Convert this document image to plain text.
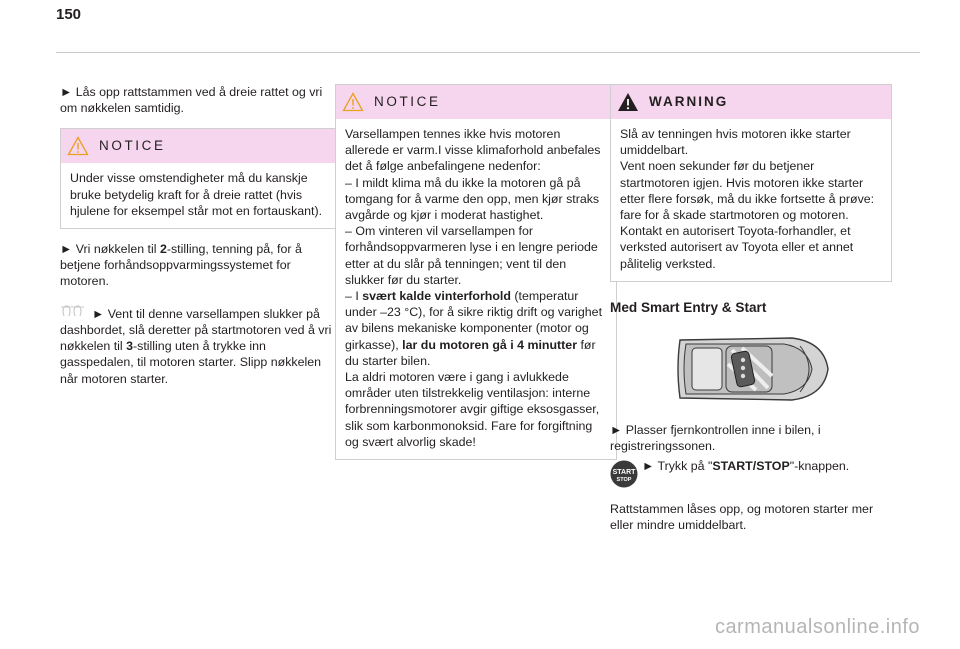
150

► Lås opp rattstammen ved å dreie rattet og vri om nøkkelen samtidig.

NOTICE

Under visse omstendigheter må du kanskje bruke betydelig kraft for å dreie rattet (hvis hjulene for eksempel står mot en fortauskant).

► Vri nøkkelen til 2-stilling, tenning på, for å betjene forhåndsoppvarmingssystemet for motoren.

► Vent til denne varsellampen slukker på dashbordet, slå deretter på startmotoren ved å vri nøkkelen til 3-stilling uten å trykke inn gasspedalen, til motoren starter. Slipp nøkkelen når motoren starter.

NOTICE

Varsellampen tennes ikke hvis motoren allerede er varm.I visse klimaforhold anbefales det å følge anbefalingene nedenfor:

– I mildt klima må du ikke la motoren gå på tomgang for å varme den opp, men kjør straks avgårde og kjør i moderat hastighet.

– Om vinteren vil varsellampen for forhåndsoppvarmeren lyse i en lengre periode etter at du slår på tenningen; vent til den slukker før du starter.

– I svært kalde vinterforhold (temperatur under –23 °C), for å sikre riktig drift og varighet av bilens mekaniske komponenter (motor og girkasse), lar du motoren gå i 4 minutter før du starter bilen.

La aldri motoren være i gang i avlukkede områder uten tilstrekkelig ventilasjon: interne forbrenningsmotorer avgir giftige eksosgasser, slik som karbonmonoksid. Fare for forgiftning og svært alvorlig skade!

WARNING

Slå av tenningen hvis motoren ikke starter umiddelbart.

Vent noen sekunder før du betjener startmotoren igjen. Hvis motoren ikke starter etter flere forsøk, må du ikke fortsette å prøve: fare for å skade startmotoren og motoren.

Kontakt en autorisert Toyota-forhandler, et verksted autorisert av Toyota eller et annet pålitelig verksted.

Med Smart Entry & Start

► Plasser fjernkontrollen inne i bilen, i registreringssonen.

START
STOP
► Trykk på "START/STOP"-knappen.

Rattstammen låses opp, og motoren starter mer eller mindre umiddelbart.

carmanualsonline.info
